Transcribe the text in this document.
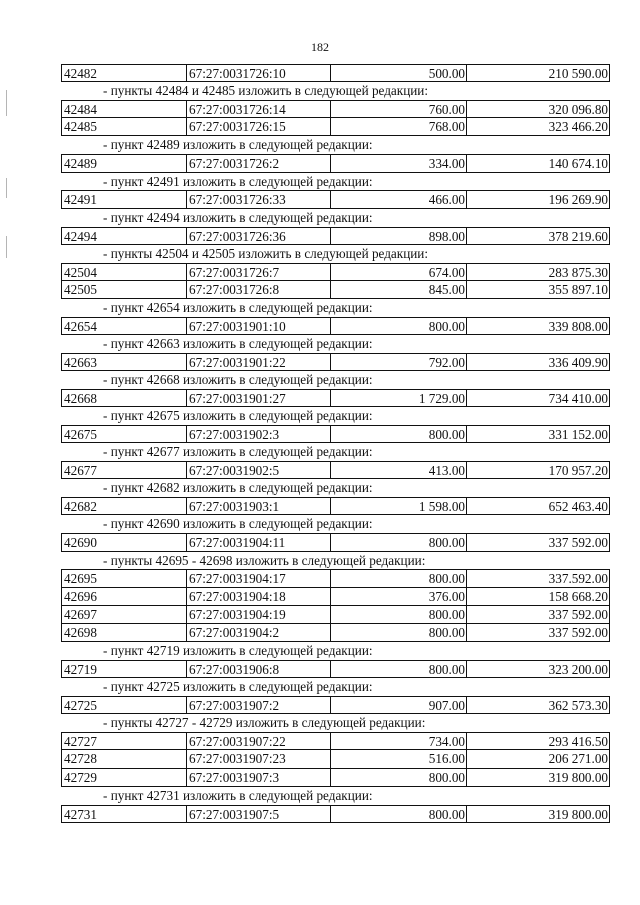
182
42482	67:27:0031726:10	500.00	210 590.00
- пункты 42484 и 42485 изложить в следующей редакции:
42484	67:27:0031726:14	760.00	320 096.80
42485	67:27:0031726:15	768.00	323 466.20
- пункт 42489 изложить в следующей редакции:
42489	67:27:0031726:2	334.00	140 674.10
- пункт 42491 изложить в следующей редакции:
42491	67:27:0031726:33	466.00	196 269.90
- пункт 42494 изложить в следующей редакции:
42494	67:27:0031726:36	898.00	378 219.60
- пункты 42504 и 42505 изложить в следующей редакции:
42504	67:27:0031726:7	674.00	283 875.30
42505	67:27:0031726:8	845.00	355 897.10
- пункт 42654 изложить в следующей редакции:
42654	67:27:0031901:10	800.00	339 808.00
- пункт 42663 изложить в следующей редакции:
42663	67:27:0031901:22	792.00	336 409.90
- пункт 42668 изложить в следующей редакции:
42668	67:27:0031901:27	1 729.00	734 410.00
- пункт 42675 изложить в следующей редакции:
42675	67:27:0031902:3	800.00	331 152.00
- пункт 42677 изложить в следующей редакции:
42677	67:27:0031902:5	413.00	170 957.20
- пункт 42682 изложить в следующей редакции:
42682	67:27:0031903:1	1 598.00	652 463.40
- пункт 42690 изложить в следующей редакции:
42690	67:27:0031904:11	800.00	337 592.00
- пункты 42695 - 42698 изложить в следующей редакции:
42695	67:27:0031904:17	800.00	337.592.00
42696	67:27:0031904:18	376.00	158 668.20
42697	67:27:0031904:19	800.00	337 592.00
42698	67:27:0031904:2	800.00	337 592.00
- пункт 42719 изложить в следующей редакции:
42719	67:27:0031906:8	800.00	323 200.00
- пункт 42725 изложить в следующей редакции:
42725	67:27:0031907:2	907.00	362 573.30
- пункты 42727 - 42729 изложить в следующей редакции:
42727	67:27:0031907:22	734.00	293 416.50
42728	67:27:0031907:23	516.00	206 271.00
42729	67:27:0031907:3	800.00	319 800.00
- пункт 42731 изложить в следующей редакции:
42731	67:27:0031907:5	800.00	319 800.00
